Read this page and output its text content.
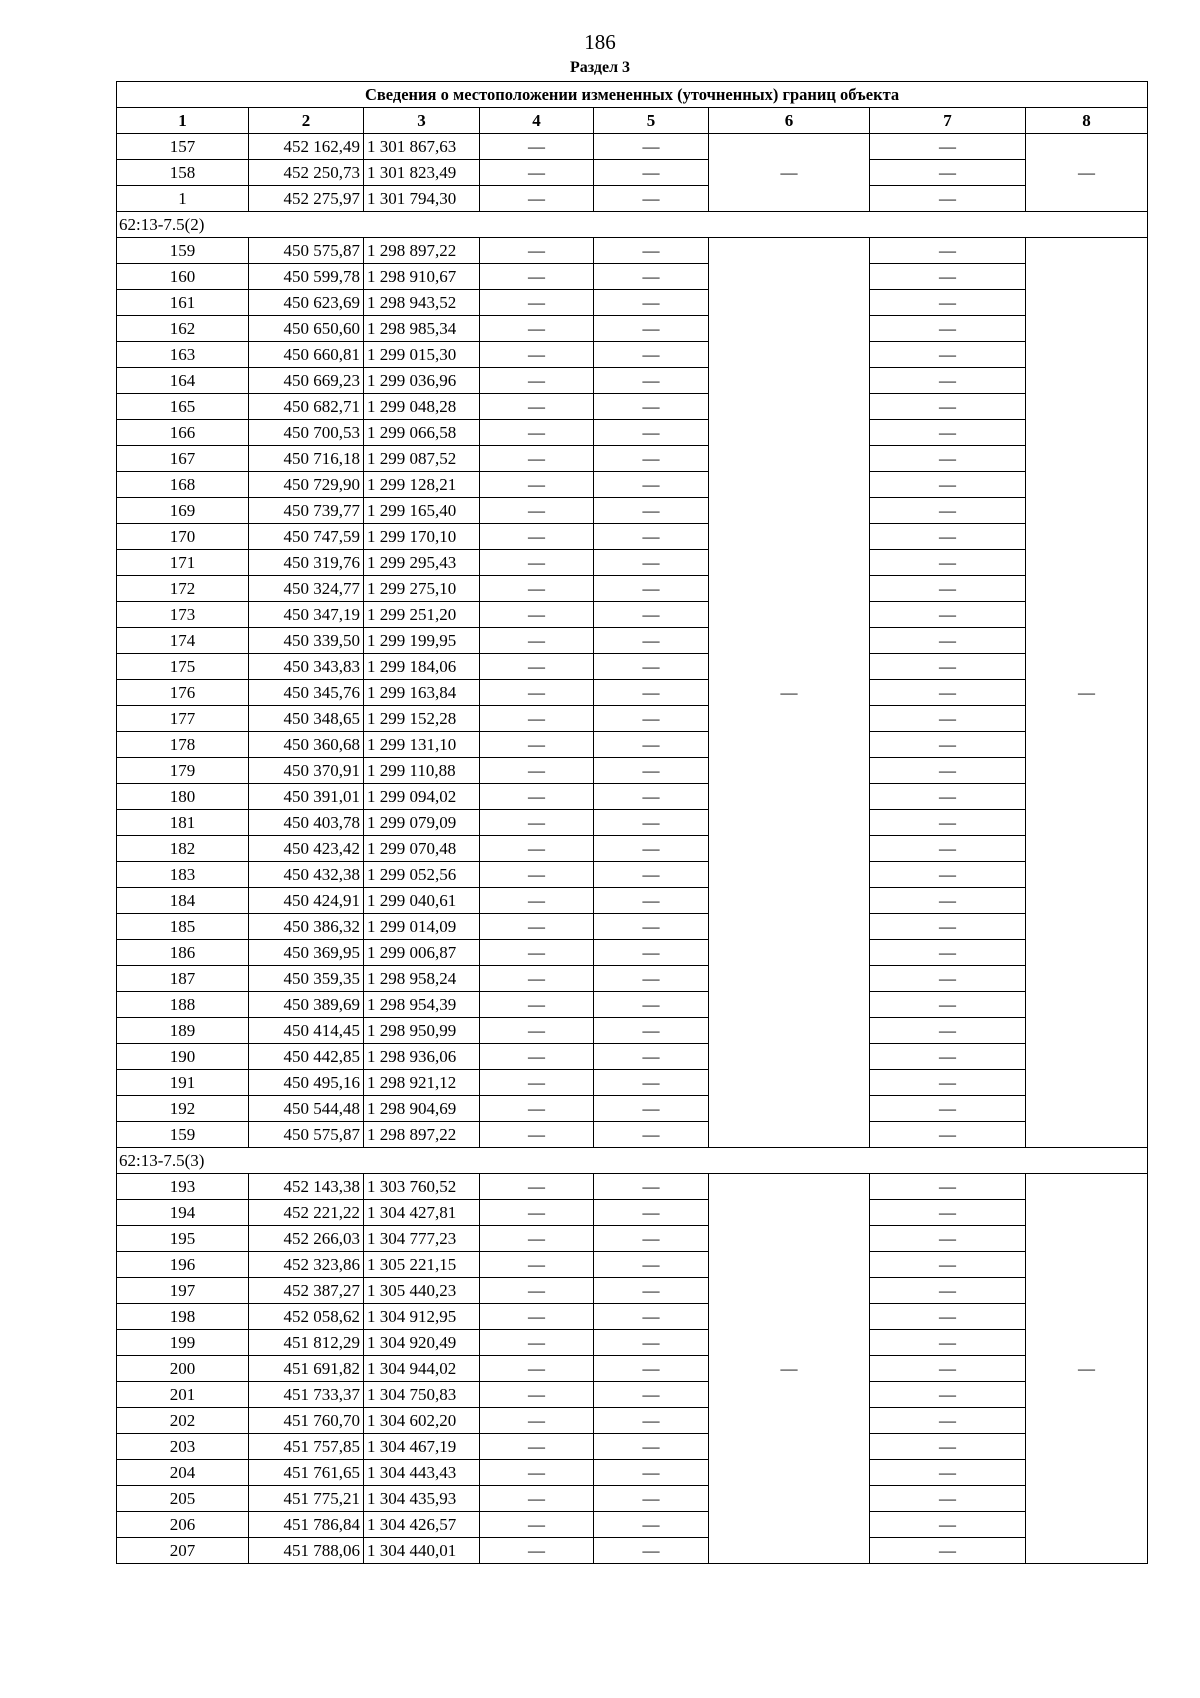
186
Раздел 3
Сведения о местоположении измененных (уточненных) границ объекта							
1	2	3	4	5	6	7	8
157	452 162,49	1 301 867,63	—	—	—	—	—
158	452 250,73	1 301 823,49	—	—		—	
1	452 275,97	1 301 794,30	—	—		—	
62:13-7.5(2)							
159	450 575,87	1 298 897,22	—	—	—	—	—
160	450 599,78	1 298 910,67	—	—		—	
161	450 623,69	1 298 943,52	—	—		—	
162	450 650,60	1 298 985,34	—	—		—	
163	450 660,81	1 299 015,30	—	—		—	
164	450 669,23	1 299 036,96	—	—		—	
165	450 682,71	1 299 048,28	—	—		—	
166	450 700,53	1 299 066,58	—	—		—	
167	450 716,18	1 299 087,52	—	—		—	
168	450 729,90	1 299 128,21	—	—		—	
169	450 739,77	1 299 165,40	—	—		—	
170	450 747,59	1 299 170,10	—	—		—	
171	450 319,76	1 299 295,43	—	—		—	
172	450 324,77	1 299 275,10	—	—		—	
173	450 347,19	1 299 251,20	—	—		—	
174	450 339,50	1 299 199,95	—	—		—	
175	450 343,83	1 299 184,06	—	—		—	
176	450 345,76	1 299 163,84	—	—		—	
177	450 348,65	1 299 152,28	—	—		—	
178	450 360,68	1 299 131,10	—	—		—	
179	450 370,91	1 299 110,88	—	—		—	
180	450 391,01	1 299 094,02	—	—		—	
181	450 403,78	1 299 079,09	—	—		—	
182	450 423,42	1 299 070,48	—	—		—	
183	450 432,38	1 299 052,56	—	—		—	
184	450 424,91	1 299 040,61	—	—		—	
185	450 386,32	1 299 014,09	—	—		—	
186	450 369,95	1 299 006,87	—	—		—	
187	450 359,35	1 298 958,24	—	—		—	
188	450 389,69	1 298 954,39	—	—		—	
189	450 414,45	1 298 950,99	—	—		—	
190	450 442,85	1 298 936,06	—	—		—	
191	450 495,16	1 298 921,12	—	—		—	
192	450 544,48	1 298 904,69	—	—		—	
159	450 575,87	1 298 897,22	—	—		—	
62:13-7.5(3)							
193	452 143,38	1 303 760,52	—	—	—	—	—
194	452 221,22	1 304 427,81	—	—		—	
195	452 266,03	1 304 777,23	—	—		—	
196	452 323,86	1 305 221,15	—	—		—	
197	452 387,27	1 305 440,23	—	—		—	
198	452 058,62	1 304 912,95	—	—		—	
199	451 812,29	1 304 920,49	—	—		—	
200	451 691,82	1 304 944,02	—	—		—	
201	451 733,37	1 304 750,83	—	—		—	
202	451 760,70	1 304 602,20	—	—		—	
203	451 757,85	1 304 467,19	—	—		—	
204	451 761,65	1 304 443,43	—	—		—	
205	451 775,21	1 304 435,93	—	—		—	
206	451 786,84	1 304 426,57	—	—		—	
207	451 788,06	1 304 440,01	—	—		—	
